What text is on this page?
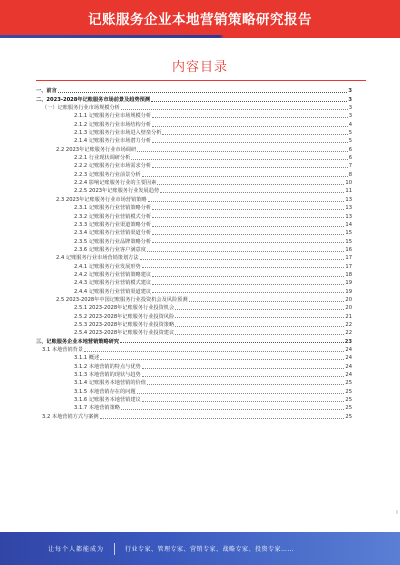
记账服务企业本地营销策略研究报告
内容目录
一、前言	3
二、2023-2028年记账服务市场前景及趋势预测	3
（一）记账服务行业市场规模分析	3
2.1.1 记账服务行业市场规模分析	3
2.1.2 记账服务行业市场结构分析	4
2.1.3 记账服务行业市场进入壁垒分析	5
2.1.4 记账服务行业市场潜力分析	5
2.2 2023年记账服务行业市场调研	6
2.2.1 行业现状调研分析	6
2.2.2 记账服务行业市场需求分析	7
2.2.3 记账服务行业前景分析	8
2.2.4 影响记账服务行业的主要因素	10
2.2.5 2023年记账服务行业发展趋势	11
2.3 2023年记账服务行业市场营销策略	13
2.3.1 记账服务行业营销策略分析	13
2.3.2 记账服务行业营销模式分析	13
2.3.3 记账服务行业渠道策略分析	14
2.3.4 记账服务行业营销渠道分析	15
2.3.5 记账服务行业品牌策略分析	15
2.3.6 记账服务行业客户满意度	16
2.4 记账服务行业市场营销策划方法	17
2.4.1 记账服务行业发展形势	17
2.4.2 记账服务行业营销策略建议	18
2.4.3 记账服务行业营销模式建议	19
2.4.4 记账服务行业营销渠道建议	19
2.5 2023-2028年中国记账服务行业投资机会及风险预测	20
2.5.1 2023-2028年记账服务行业投资机会	20
2.5.2 2023-2028年记账服务行业投资风险	21
2.5.3 2023-2028年记账服务行业投资策略	22
2.5.4 2023-2028年记账服务行业投资建议	22
三、记账服务企业本地营销策略研究	23
3.1 本地营销背景	24
3.1.1 概述	24
3.1.2 本地营销的特点与优势	24
3.1.3 本地营销的现状与趋势	24
3.1.4 记账服务本地营销的价值	25
3.1.5 本地营销存在的问题	25
3.1.6 记账服务本地营销建议	25
3.1.7 本地营销策略	25
3.2 本地营销方式与案例	25
让每个人都能成为	行业专家、管理专家、营销专家、战略专家、投资专家……
